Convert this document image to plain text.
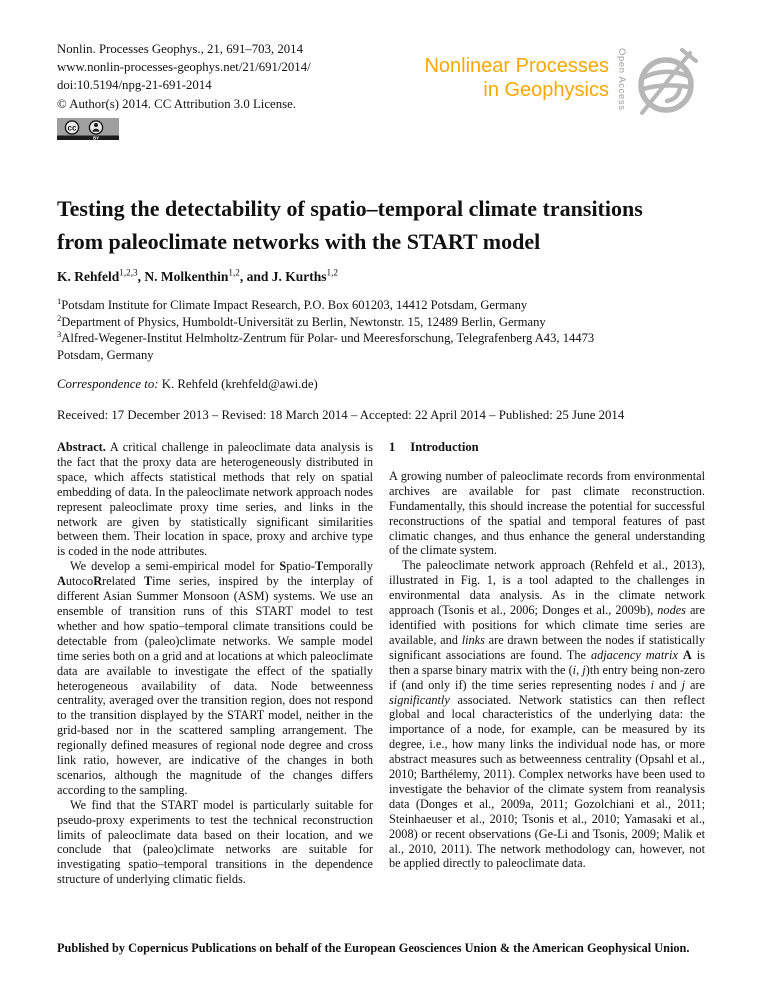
Nonlin. Processes Geophys., 21, 691–703, 2014
www.nonlin-processes-geophys.net/21/691/2014/
doi:10.5194/npg-21-691-2014
© Author(s) 2014. CC Attribution 3.0 License.
cc
BY
Nonlinear Processes
in Geophysics Open Access
Testing the detectability of spatio–temporal climate transitions
from paleoclimate networks with the START model
K. Rehfeld$^{1,2,3}$, N. Molkenthin$^{1,2}$, and J. Kurths$^{1,2}$
$^1$Potsdam Institute for Climate Impact Research, P.O. Box 601203, 14412 Potsdam, Germany
$^2$Department of Physics, Humboldt-Universität zu Berlin, Newtonstr. 15, 12489 Berlin, Germany
$^3$Alfred-Wegener-Institut Helmholtz-Zentrum für Polar- und Meeresforschung, Telegrafenberg A43, 14473 Potsdam, Germany
Correspondence to: K. Rehfeld (krehfeld@awi.de)
Received: 17 December 2013 – Revised: 18 March 2014 – Accepted: 22 April 2014 – Published: 25 June 2014

Abstract. A critical challenge in paleoclimate data analysis is the fact that the proxy data are heterogeneously distributed in space, which affects statistical methods that rely on spatial embedding of data. In the paleoclimate network approach nodes represent paleoclimate proxy time series, and links in the network are given by statistically significant similarities between them. Their location in space, proxy and archive type is coded in the node attributes.

We develop a semi-empirical model for Spatio-Temporally AutocoRrelated Time series, inspired by the interplay of different Asian Summer Monsoon (ASM) systems. We use an ensemble of transition runs of this START model to test whether and how spatio–temporal climate transitions could be detectable from (paleo)climate networks. We sample model time series both on a grid and at locations at which paleoclimate data are available to investigate the effect of the spatially heterogeneous availability of data. Node betweenness centrality, averaged over the transition region, does not respond to the transition displayed by the START model, neither in the grid-based nor in the scattered sampling arrangement. The regionally defined measures of regional node degree and cross link ratio, however, are indicative of the changes in both scenarios, although the magnitude of the changes differs according to the sampling.

We find that the START model is particularly suitable for pseudo-proxy experiments to test the technical reconstruction limits of paleoclimate data based on their location, and we conclude that (paleo)climate networks are suitable for investigating spatio–temporal transitions in the dependence structure of underlying climatic fields.

1 Introduction

A growing number of paleoclimate records from environmental archives are available for past climate reconstruction. Fundamentally, this should increase the potential for successful reconstructions of the spatial and temporal features of past climatic changes, and thus enhance the general understanding of the climate system.

The paleoclimate network approach (Rehfeld et al., 2013), illustrated in Fig. 1, is a tool adapted to the challenges in environmental data analysis. As in the climate network approach (Tsonis et al., 2006; Donges et al., 2009b), nodes are identified with positions for which climate time series are available, and links are drawn between the nodes if statistically significant associations are found. The adjacency matrix A is then a sparse binary matrix with the (i, j)th entry being non-zero if (and only if) the time series representing nodes i and j are significantly associated. Network statistics can then reflect global and local characteristics of the underlying data: the importance of a node, for example, can be measured by its degree, i.e., how many links the individual node has, or more abstract measures such as betweenness centrality (Opsahl et al., 2010; Barthélemy, 2011). Complex networks have been used to investigate the behavior of the climate system from reanalysis data (Donges et al., 2009a, 2011; Gozolchiani et al., 2011; Steinhaeuser et al., 2010; Tsonis et al., 2010; Yamasaki et al., 2008) or recent observations (Ge-Li and Tsonis, 2009; Malik et al., 2010, 2011). The network methodology can, however, not be applied directly to paleoclimate data.

Published by Copernicus Publications on behalf of the European Geosciences Union & the American Geophysical Union.
